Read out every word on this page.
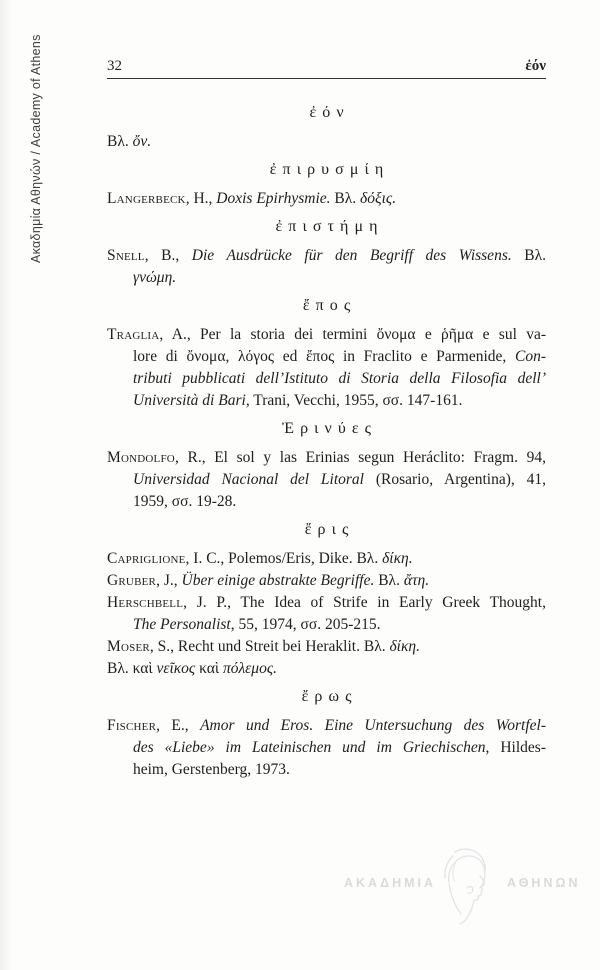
Ακαδημία Αθηνών / Academy of Athens	32	ἐόν
ἐόν

Βλ. ὄν.

ἐπιρυσμίη

Langerbeck, H., Doxis Epirhysmie. Βλ. δόξις.

ἐπιστήμη

Snell, B., Die Ausdrücke für den Begriff des Wissens. Βλ.
γνώμη.

ἔπος

Traglia, A., Per la storia dei termini ὄνομα e ῥῆμα e sul va-
lore di ὄνομα, λόγος ed ἔπος in Fraclito e Parmenide, Con-
tributi pubblicati dell’Istituto di Storia della Filosofia dell’
Università di Bari, Trani, Vecchi, 1955, σσ. 147-161.

Ἐρινύες

Mondolfo, R., El sol y las Erinias segun Heráclito: Fragm. 94,
Universidad Nacional del Litoral (Rosario, Argentina), 41,
1959, σσ. 19-28.

ἔρις

Capriglione, I. C., Polemos/Eris, Dike. Βλ. δίκη.

Gruber, J., Über einige abstrakte Begriffe. Βλ. ἄτη.

Herschbell, J. P., The Idea of Strife in Early Greek Thought,
The Personalist, 55, 1974, σσ. 205-215.

Moser, S., Recht und Streit bei Heraklit. Βλ. δίκη.

Βλ. καὶ νεῖκος καὶ πόλεμος.

ἔρως

Fischer, E., Amor und Eros. Eine Untersuchung des Wortfel-
des «Liebe» im Lateinischen und im Griechischen, Hildes-
heim, Gerstenberg, 1973.

ΑΚΑΔΗΜΙΑ	ΑΘΗΝΩΝ
